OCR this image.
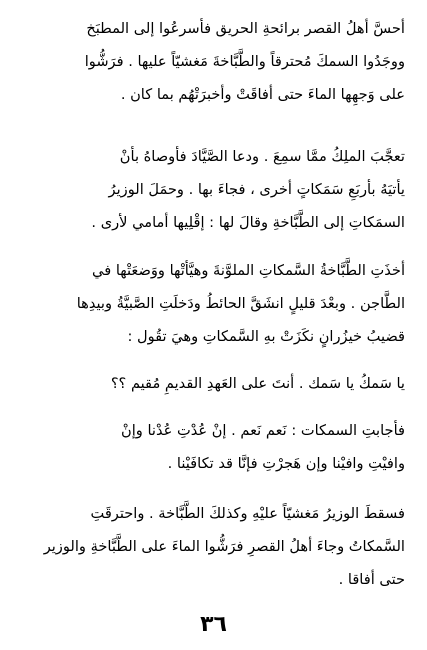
أحسَّ أهلُ القصر برائحةِ الحريق فأسرعُوا إلى المطبَخ
ووجَدُوا السمكَ مُحترقاً والطَّبَّاخةَ مَغشيّاً عليها . فرَشُّوا
على وَجهِها الماءَ حتى أفاقَتْ وأخبرَتْهُم بما كان .

تعجَّبَ الملِكُ ممَّا سمِعَ . ودعا الصَّيَّادَ فأوصاهُ بأنْ
يأتيَهُ بأربَعِ سَمَكاتٍ أخرى ، فجاءَ بها . وحمَلَ الوزيرُ
السمَكاتِ إلى الطَّبَّاخةِ وقالَ لها : إقْلِيها أمامي لأرى .

أخذَتِ الطَّبَّاخةُ السَّمكاتِ الملوَّنةَ وهيَّأتْها ووَضعَتْها في
الطَّاجن . وبعْدَ قليلٍ انشَقَّ الحائطُ ودَخلَتِ الصَّبيَّةُ وبيدِها
قضيبُ خيزُرانٍ نكَزَتْ بهِ السَّمكاتِ وهيَ تقُول :

يا سَمكُ يا سَمك . أنتَ على العَهدِ القديمِ مُقيم ؟؟

فأجابتِ السمكات : نَعم نَعم . إنْ عُدْتِ عُدْنا وإنْ
وافيْتِ وافيْنا وإن هَجرْتِ فإنَّا قد تكافَيْنا .

فسقطَ الوزيرُ مَغشيّاً عليْهِ وكذلكَ الطَّبَّاخة . واحترقَتِ
السَّمكاتُ وجاءَ أهلُ القصرِ فرَشُّوا الماءَ على الطَّبَّاخةِ والوزير
حتى أفاقا .

٣٦
